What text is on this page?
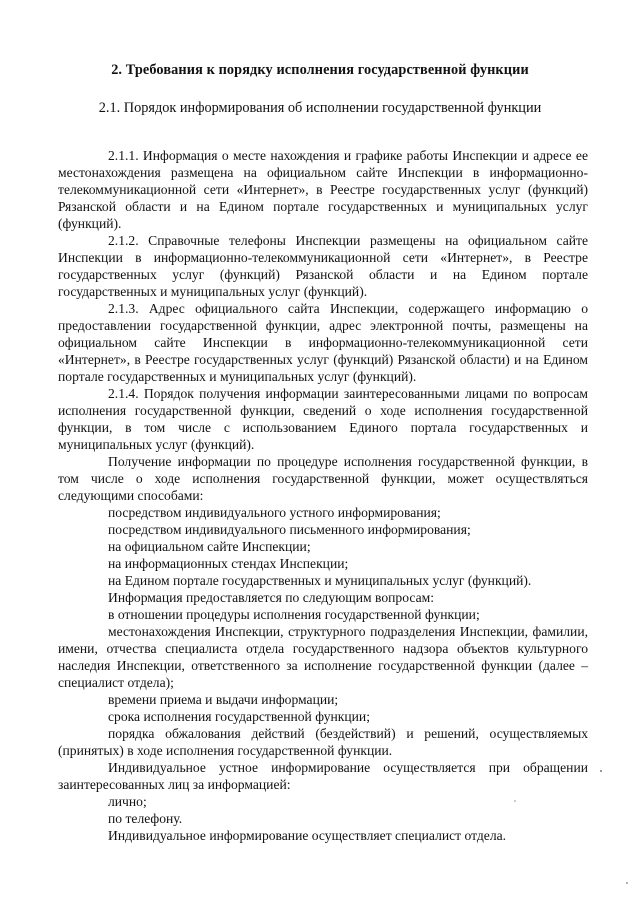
2. Требования к порядку исполнения государственной функции
2.1. Порядок информирования об исполнении государственной функции

2.1.1. Информация о месте нахождения и графике работы Инспекции и адресе ее местонахождения размещена на официальном сайте Инспекции в информационно-телекоммуникационной сети «Интернет», в Реестре государственных услуг (функций) Рязанской области и на Едином портале государственных и муниципальных услуг (функций).

2.1.2. Справочные телефоны Инспекции размещены на официальном сайте Инспекции в информационно-телекоммуникационной сети «Интернет», в Реестре государственных услуг (функций) Рязанской области и на Едином портале государственных и муниципальных услуг (функций).

2.1.3. Адрес официального сайта Инспекции, содержащего информацию о предоставлении государственной функции, адрес электронной почты, размещены на официальном сайте Инспекции в информационно-телекоммуникационной сети «Интернет», в Реестре государственных услуг (функций) Рязанской области) и на Едином портале государственных и муниципальных услуг (функций).

2.1.4. Порядок получения информации заинтересованными лицами по вопросам исполнения государственной функции, сведений о ходе исполнения государственной функции, в том числе с использованием Единого портала государственных и муниципальных услуг (функций).

Получение информации по процедуре исполнения государственной функции, в том числе о ходе исполнения государственной функции, может осуществляться следующими способами:

посредством индивидуального устного информирования;

посредством индивидуального письменного информирования;

на официальном сайте Инспекции;

на информационных стендах Инспекции;

на Едином портале государственных и муниципальных услуг (функций).

Информация предоставляется по следующим вопросам:

в отношении процедуры исполнения государственной функции;

местонахождения Инспекции, структурного подразделения Инспекции, фамилии, имени, отчества специалиста отдела государственного надзора объектов культурного наследия Инспекции, ответственного за исполнение государственной функции (далее – специалист отдела);

времени приема и выдачи информации;

срока исполнения государственной функции;

порядка обжалования действий (бездействий) и решений, осуществляемых (принятых) в ходе исполнения государственной функции.

Индивидуальное устное информирование осуществляется при обращении заинтересованных лиц за информацией:

лично;

по телефону.

Индивидуальное информирование осуществляет специалист отдела.
